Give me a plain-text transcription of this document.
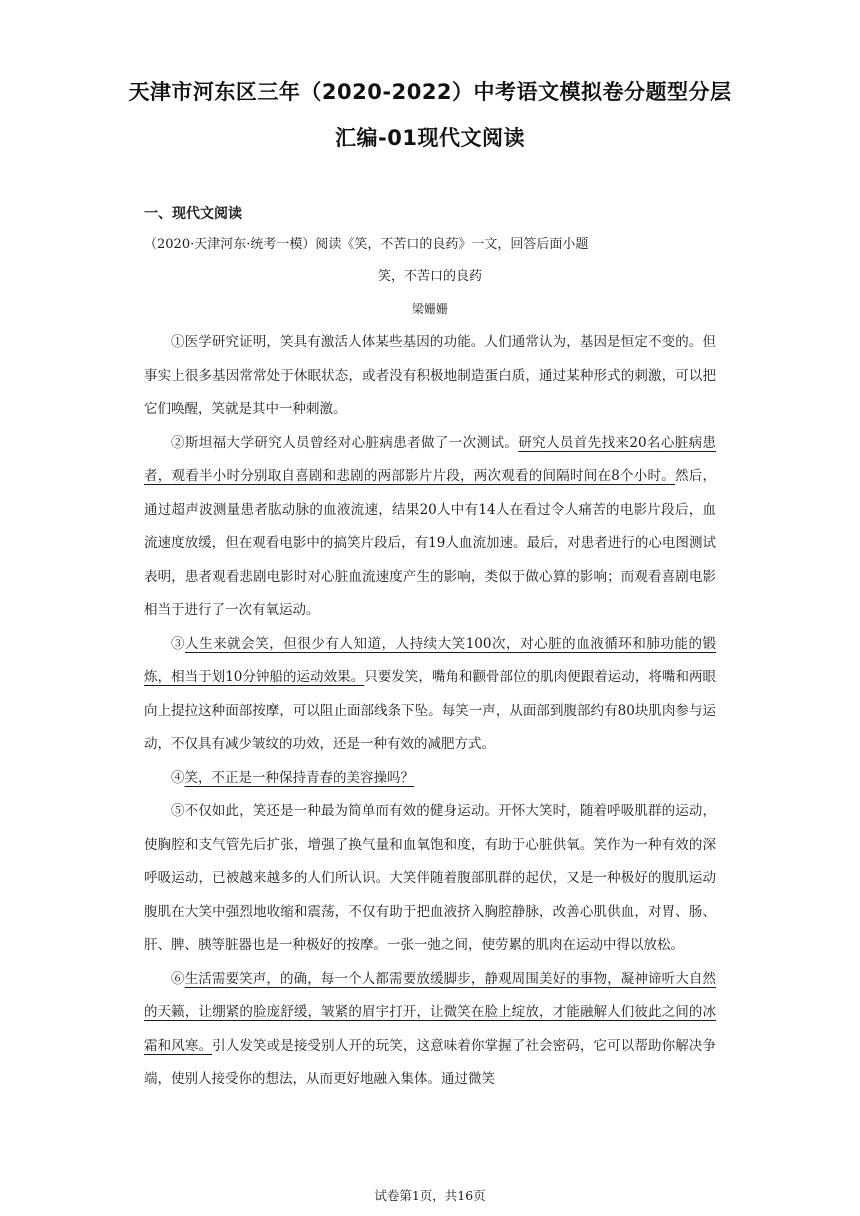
天津市河东区三年（2020-2022）中考语文模拟卷分题型分层
汇编-01现代文阅读
一、现代文阅读

（2020·天津河东·统考一模）阅读《笑，不苦口的良药》一文，回答后面小题

笑，不苦口的良药

梁姗姗

①医学研究证明，笑具有激活人体某些基因的功能。人们通常认为，基因是恒定不变的。但事实上很多基因常常处于休眠状态，或者没有积极地制造蛋白质，通过某种形式的刺激，可以把它们唤醒，笑就是其中一种刺激。

②斯坦福大学研究人员曾经对心脏病患者做了一次测试。研究人员首先找来20名心脏病患者，观看半小时分别取自喜剧和悲剧的两部影片片段，两次观看的间隔时间在8个小时。然后，通过超声波测量患者肱动脉的血液流速，结果20人中有14人在看过令人痛苦的电影片段后，血流速度放缓，但在观看电影中的搞笑片段后，有19人血流加速。最后，对患者进行的心电图测试表明，患者观看悲剧电影时对心脏血流速度产生的影响，类似于做心算的影响；而观看喜剧电影相当于进行了一次有氧运动。

③人生来就会笑，但很少有人知道，人持续大笑100次，对心脏的血液循环和肺功能的锻炼，相当于划10分钟船的运动效果。只要发笑，嘴角和颧骨部位的肌肉便跟着运动，将嘴和两眼向上提拉这种面部按摩，可以阻止面部线条下坠。每笑一声，从面部到腹部约有80块肌肉参与运动，不仅具有减少皱纹的功效，还是一种有效的减肥方式。

④笑，不正是一种保持青春的美容操吗？

⑤不仅如此，笑还是一种最为简单而有效的健身运动。开怀大笑时，随着呼吸肌群的运动，使胸腔和支气管先后扩张，增强了换气量和血氧饱和度，有助于心脏供氧。笑作为一种有效的深呼吸运动，已被越来越多的人们所认识。大笑伴随着腹部肌群的起伏，又是一种极好的腹肌运动腹肌在大笑中强烈地收缩和震荡，不仅有助于把血液挤入胸腔静脉，改善心肌供血，对胃、肠、肝、脾、胰等脏器也是一种极好的按摩。一张一弛之间，使劳累的肌肉在运动中得以放松。

⑥生活需要笑声，的确，每一个人都需要放缓脚步，静观周围美好的事物，凝神谛听大自然的天籁，让绷紧的脸庞舒缓，皱紧的眉宇打开，让微笑在脸上绽放，才能融解人们彼此之间的冰霜和风寒。引人发笑或是接受别人开的玩笑，这意味着你掌握了社会密码，它可以帮助你解决争端，使别人接受你的想法，从而更好地融入集体。通过微笑

试卷第1页，共16页
